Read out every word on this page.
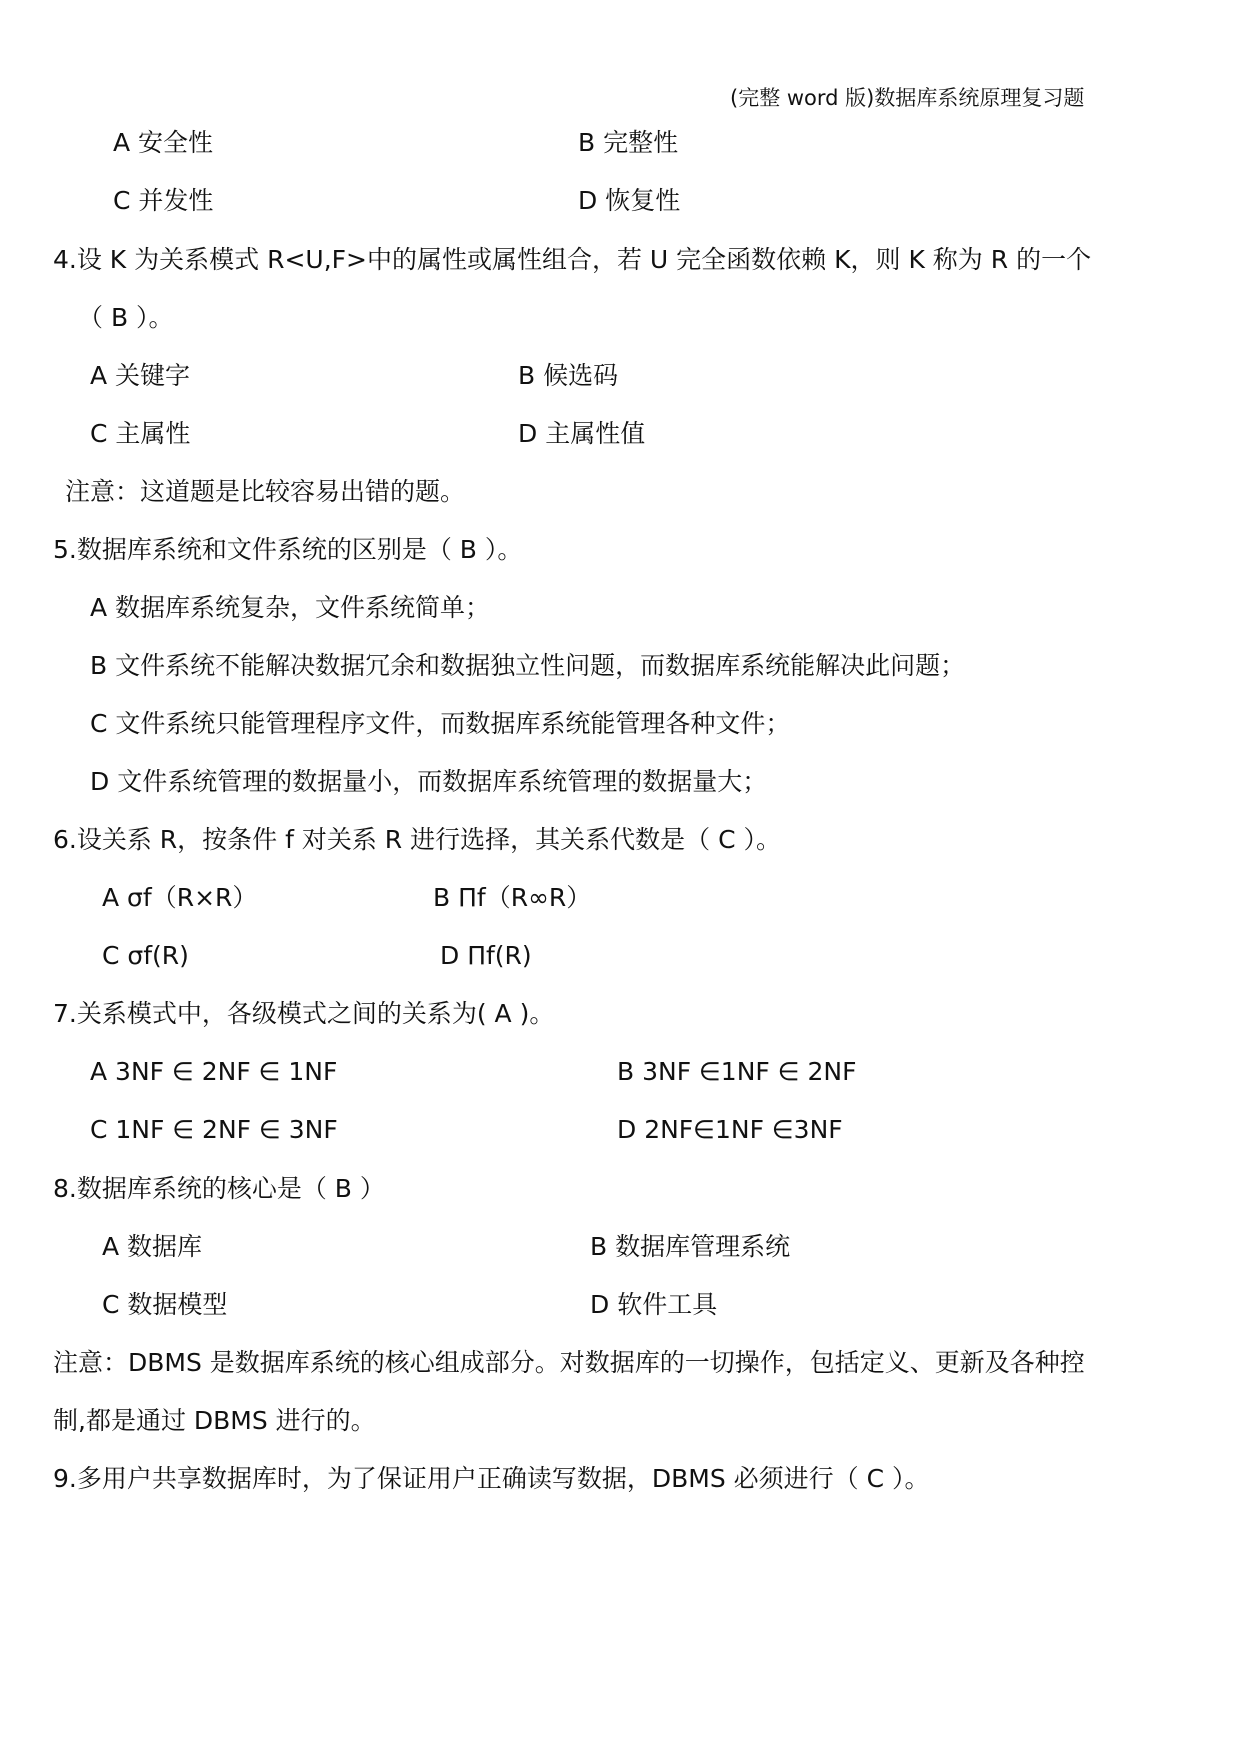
(完整 word 版)数据库系统原理复习题
A 安全性	B 完整性
C 并发性	D 恢复性
4.设 K 为关系模式 R<U,F>中的属性或属性组合，若 U 完全函数依赖 K，则 K 称为 R 的一个
（ B ）。
A 关键字	B 候选码
C 主属性	D 主属性值
注意：这道题是比较容易出错的题。
5.数据库系统和文件系统的区别是（ B ）。
A 数据库系统复杂，文件系统简单；
B 文件系统不能解决数据冗余和数据独立性问题，而数据库系统能解决此问题；
C 文件系统只能管理程序文件，而数据库系统能管理各种文件；
D 文件系统管理的数据量小，而数据库系统管理的数据量大；
6.设关系 R，按条件 f 对关系 R 进行选择，其关系代数是（ C ）。
A σf（R×R）	B Πf（R∞R）
C σf(R)	D Πf(R)
7.关系模式中，各级模式之间的关系为( A )。
A 3NF ∈ 2NF ∈ 1NF	B 3NF ∈1NF ∈ 2NF
C 1NF ∈ 2NF ∈ 3NF	D 2NF∈1NF ∈3NF
8.数据库系统的核心是（ B ）
A 数据库	B 数据库管理系统
C 数据模型	D 软件工具
注意：DBMS 是数据库系统的核心组成部分。对数据库的一切操作，包括定义、更新及各种控
制,都是通过 DBMS 进行的。
9.多用户共享数据库时，为了保证用户正确读写数据，DBMS 必须进行（ C ）。
